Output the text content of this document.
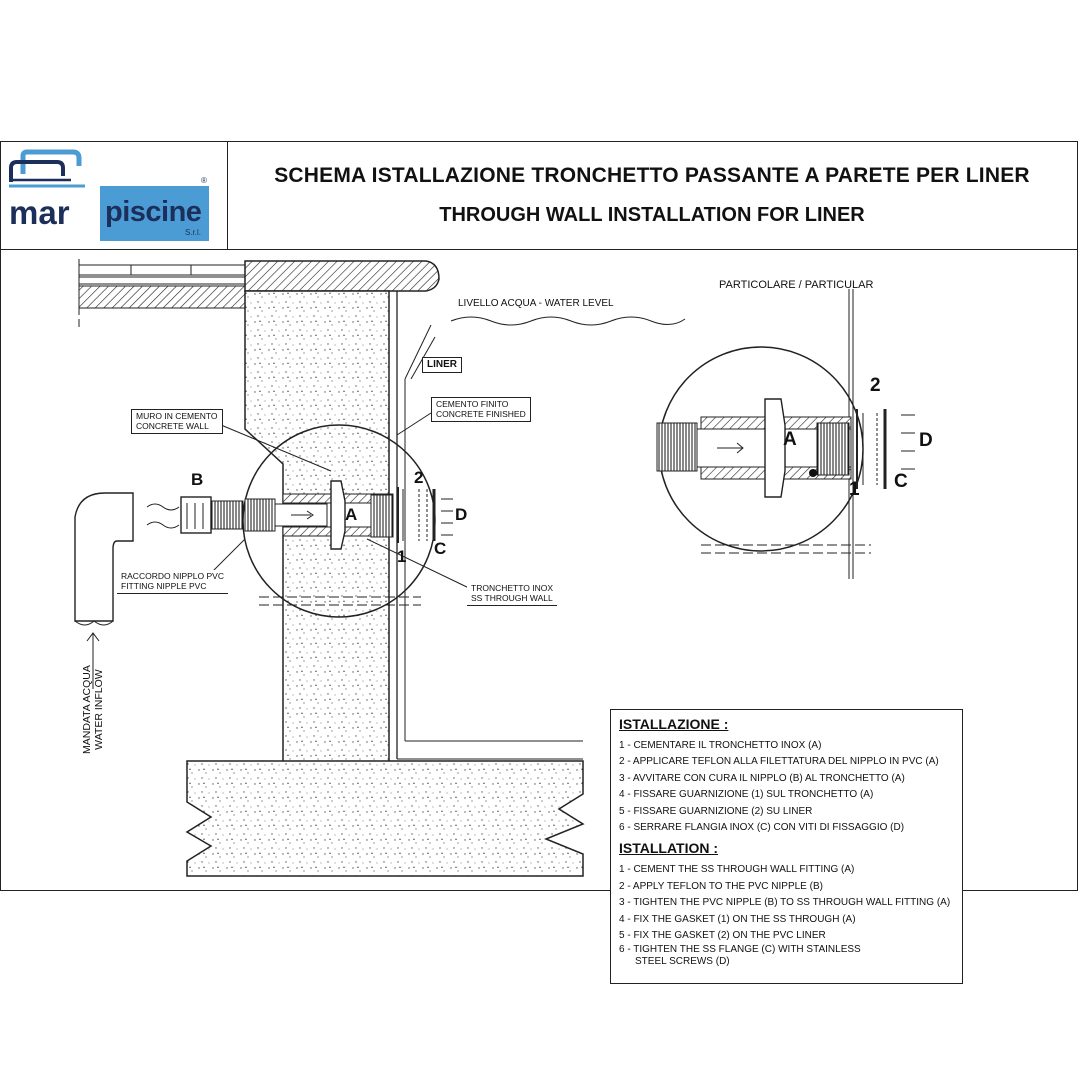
mar piscine
S.r.l.
®	SCHEMA ISTALLAZIONE TRONCHETTO PASSANTE A PARETE PER LINER
THROUGH WALL INSTALLATION FOR LINER
LIVELLO ACQUA - WATER LEVEL
LINER
CEMENTO FINITO
CONCRETE FINISHED
MURO IN CEMENTO
CONCRETE WALL
RACCORDO NIPPLO PVC
FITTING NIPPLE PVC	TRONCHETTO INOX
SS THROUGH WALL
PARTICOLARE / PARTICULAR
MANDATA ACQUA WATER INFLOW
B
A
2
1 C
D
A
2
1 C
D
ISTALLAZIONE :
1 - CEMENTARE IL TRONCHETTO INOX (A)
2 - APPLICARE TEFLON ALLA FILETTATURA DEL NIPPLO IN PVC (A)
3 - AVVITARE CON CURA IL NIPPLO (B) AL TRONCHETTO (A)
4 - FISSARE GUARNIZIONE (1) SUL TRONCHETTO (A)
5 - FISSARE GUARNIZIONE (2) SU LINER
6 - SERRARE FLANGIA INOX (C) CON VITI DI FISSAGGIO (D)
ISTALLATION :
1 - CEMENT THE SS THROUGH WALL FITTING (A)
2 - APPLY TEFLON TO THE PVC NIPPLE (B)
3 - TIGHTEN THE PVC NIPPLE (B) TO SS THROUGH WALL FITTING (A)
4 - FIX THE GASKET (1) ON THE SS THROUGH (A)
5 - FIX THE GASKET (2) ON THE PVC LINER
6 - TIGHTEN THE SS FLANGE (C) WITH STAINLESS
STEEL SCREWS (D)
